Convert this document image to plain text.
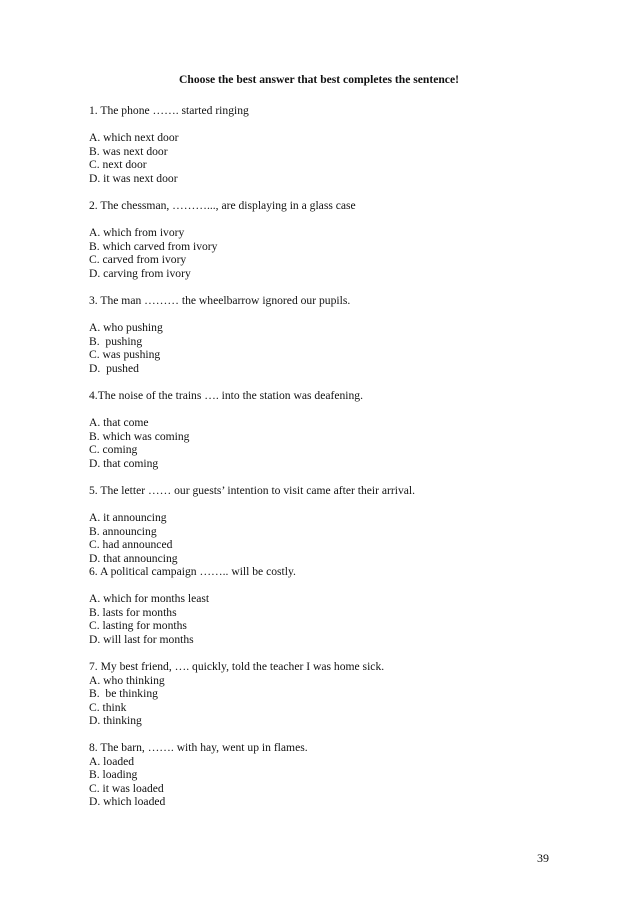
Choose the best answer that best completes the sentence!
1. The phone ……. started ringing
A. which next door
B. was next door
C. next door
D. it was next door
2. The chessman, ………..., are displaying in a glass case
A. which from ivory
B. which carved from ivory
C. carved from ivory
D. carving from ivory
3. The man ……… the wheelbarrow ignored our pupils.
A. who pushing
B.  pushing
C. was pushing
D.  pushed
4.The noise of the trains …. into the station was deafening.
A. that come
B. which was coming
C. coming
D. that coming
5. The letter …… our guests’ intention to visit came after their arrival.
A. it announcing
B. announcing
C. had announced
D. that announcing
6. A political campaign …….. will be costly.
A. which for months least
B. lasts for months
C. lasting for months
D. will last for months
7. My best friend, …. quickly, told the teacher I was home sick.
A. who thinking
B.  be thinking
C. think
D. thinking
8. The barn, ……. with hay, went up in flames.
A. loaded
B. loading
C. it was loaded
D. which loaded
39
